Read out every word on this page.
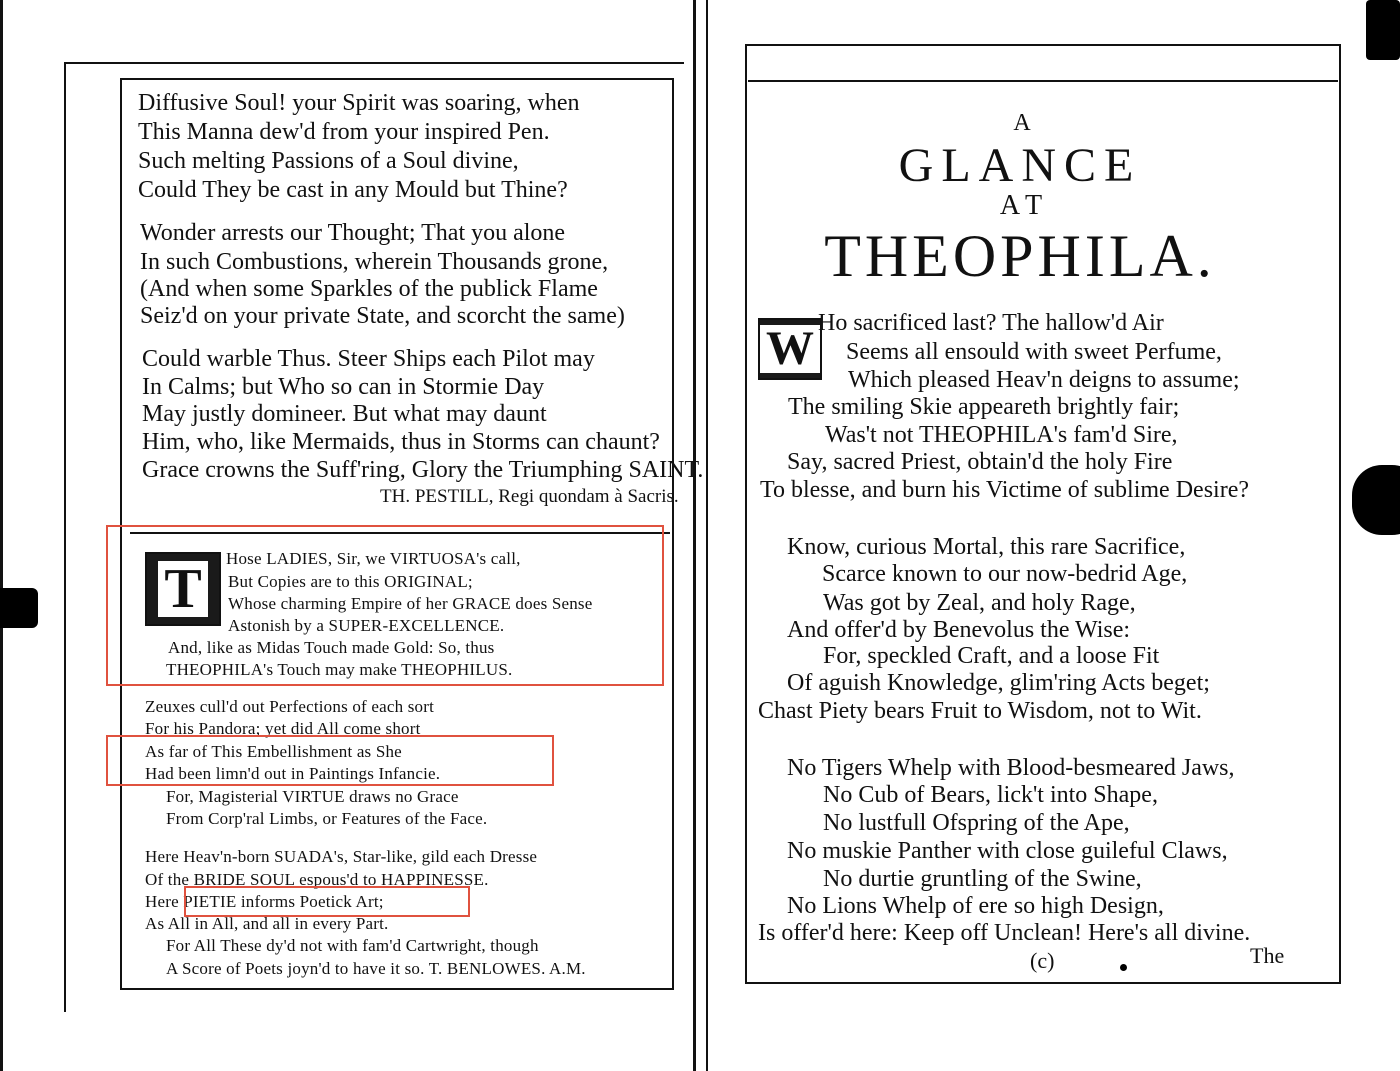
Diffusive Soul! your Spirit was soaring, when
This Manna dew'd from your inspired Pen.
Such melting Passions of a Soul divine,
Could They be cast in any Mould but Thine?
Wonder arrests our Thought; That you alone
In such Combustions, wherein Thousands grone,
(And when some Sparkles of the publick Flame
Seiz'd on your private State, and scorcht the same)
Could warble Thus. Steer Ships each Pilot may
In Calms; but Who so can in Stormie Day
May justly domineer. But what may daunt
Him, who, like Mermaids, thus in Storms can chaunt?
Grace crowns the Suff'ring, Glory the Triumphing SAINT.
TH. PESTILL, Regi quondam à Sacris.
T	Hose LADIES, Sir, we VIRTUOSA's call,
But Copies are to this ORIGINAL;
Whose charming Empire of her GRACE does Sense
Astonish by a SUPER-EXCELLENCE.
And, like as Midas Touch made Gold: So, thus
THEOPHILA's Touch may make THEOPHILUS.
Zeuxes cull'd out Perfections of each sort
For his Pandora; yet did All come short
As far of This Embellishment as She
Had been limn'd out in Paintings Infancie.
For, Magisterial VIRTUE draws no Grace
From Corp'ral Limbs, or Features of the Face.
Here Heav'n-born SUADA's, Star-like, gild each Dresse
Of the BRIDE SOUL espous'd to HAPPINESSE.
Here PIETIE informs Poetick Art;
As All in All, and all in every Part.
For All These dy'd not with fam'd Cartwright, though
A Score of Poets joyn'd to have it so. T. BENLOWES. A.M.
A
GLANCE
AT
THEOPHILA.
W Ho sacrificed last? The hallow'd Air
Seems all ensould with sweet Perfume,
Which pleased Heav'n deigns to assume;
The smiling Skie appeareth brightly fair;
Was't not THEOPHILA's fam'd Sire,
Say, sacred Priest, obtain'd the holy Fire
To blesse, and burn his Victime of sublime Desire?
Know, curious Mortal, this rare Sacrifice,
Scarce known to our now-bedrid Age,
Was got by Zeal, and holy Rage,
And offer'd by Benevolus the Wise:
For, speckled Craft, and a loose Fit
Of aguish Knowledge, glim'ring Acts beget;
Chast Piety bears Fruit to Wisdom, not to Wit.
No Tigers Whelp with Blood-besmeared Jaws,
No Cub of Bears, lick't into Shape,
No lustfull Ofspring of the Ape,
No muskie Panther with close guileful Claws,
No durtie gruntling of the Swine,
No Lions Whelp of ere so high Design,
Is offer'd here: Keep off Unclean! Here's all divine.
(c)	The
